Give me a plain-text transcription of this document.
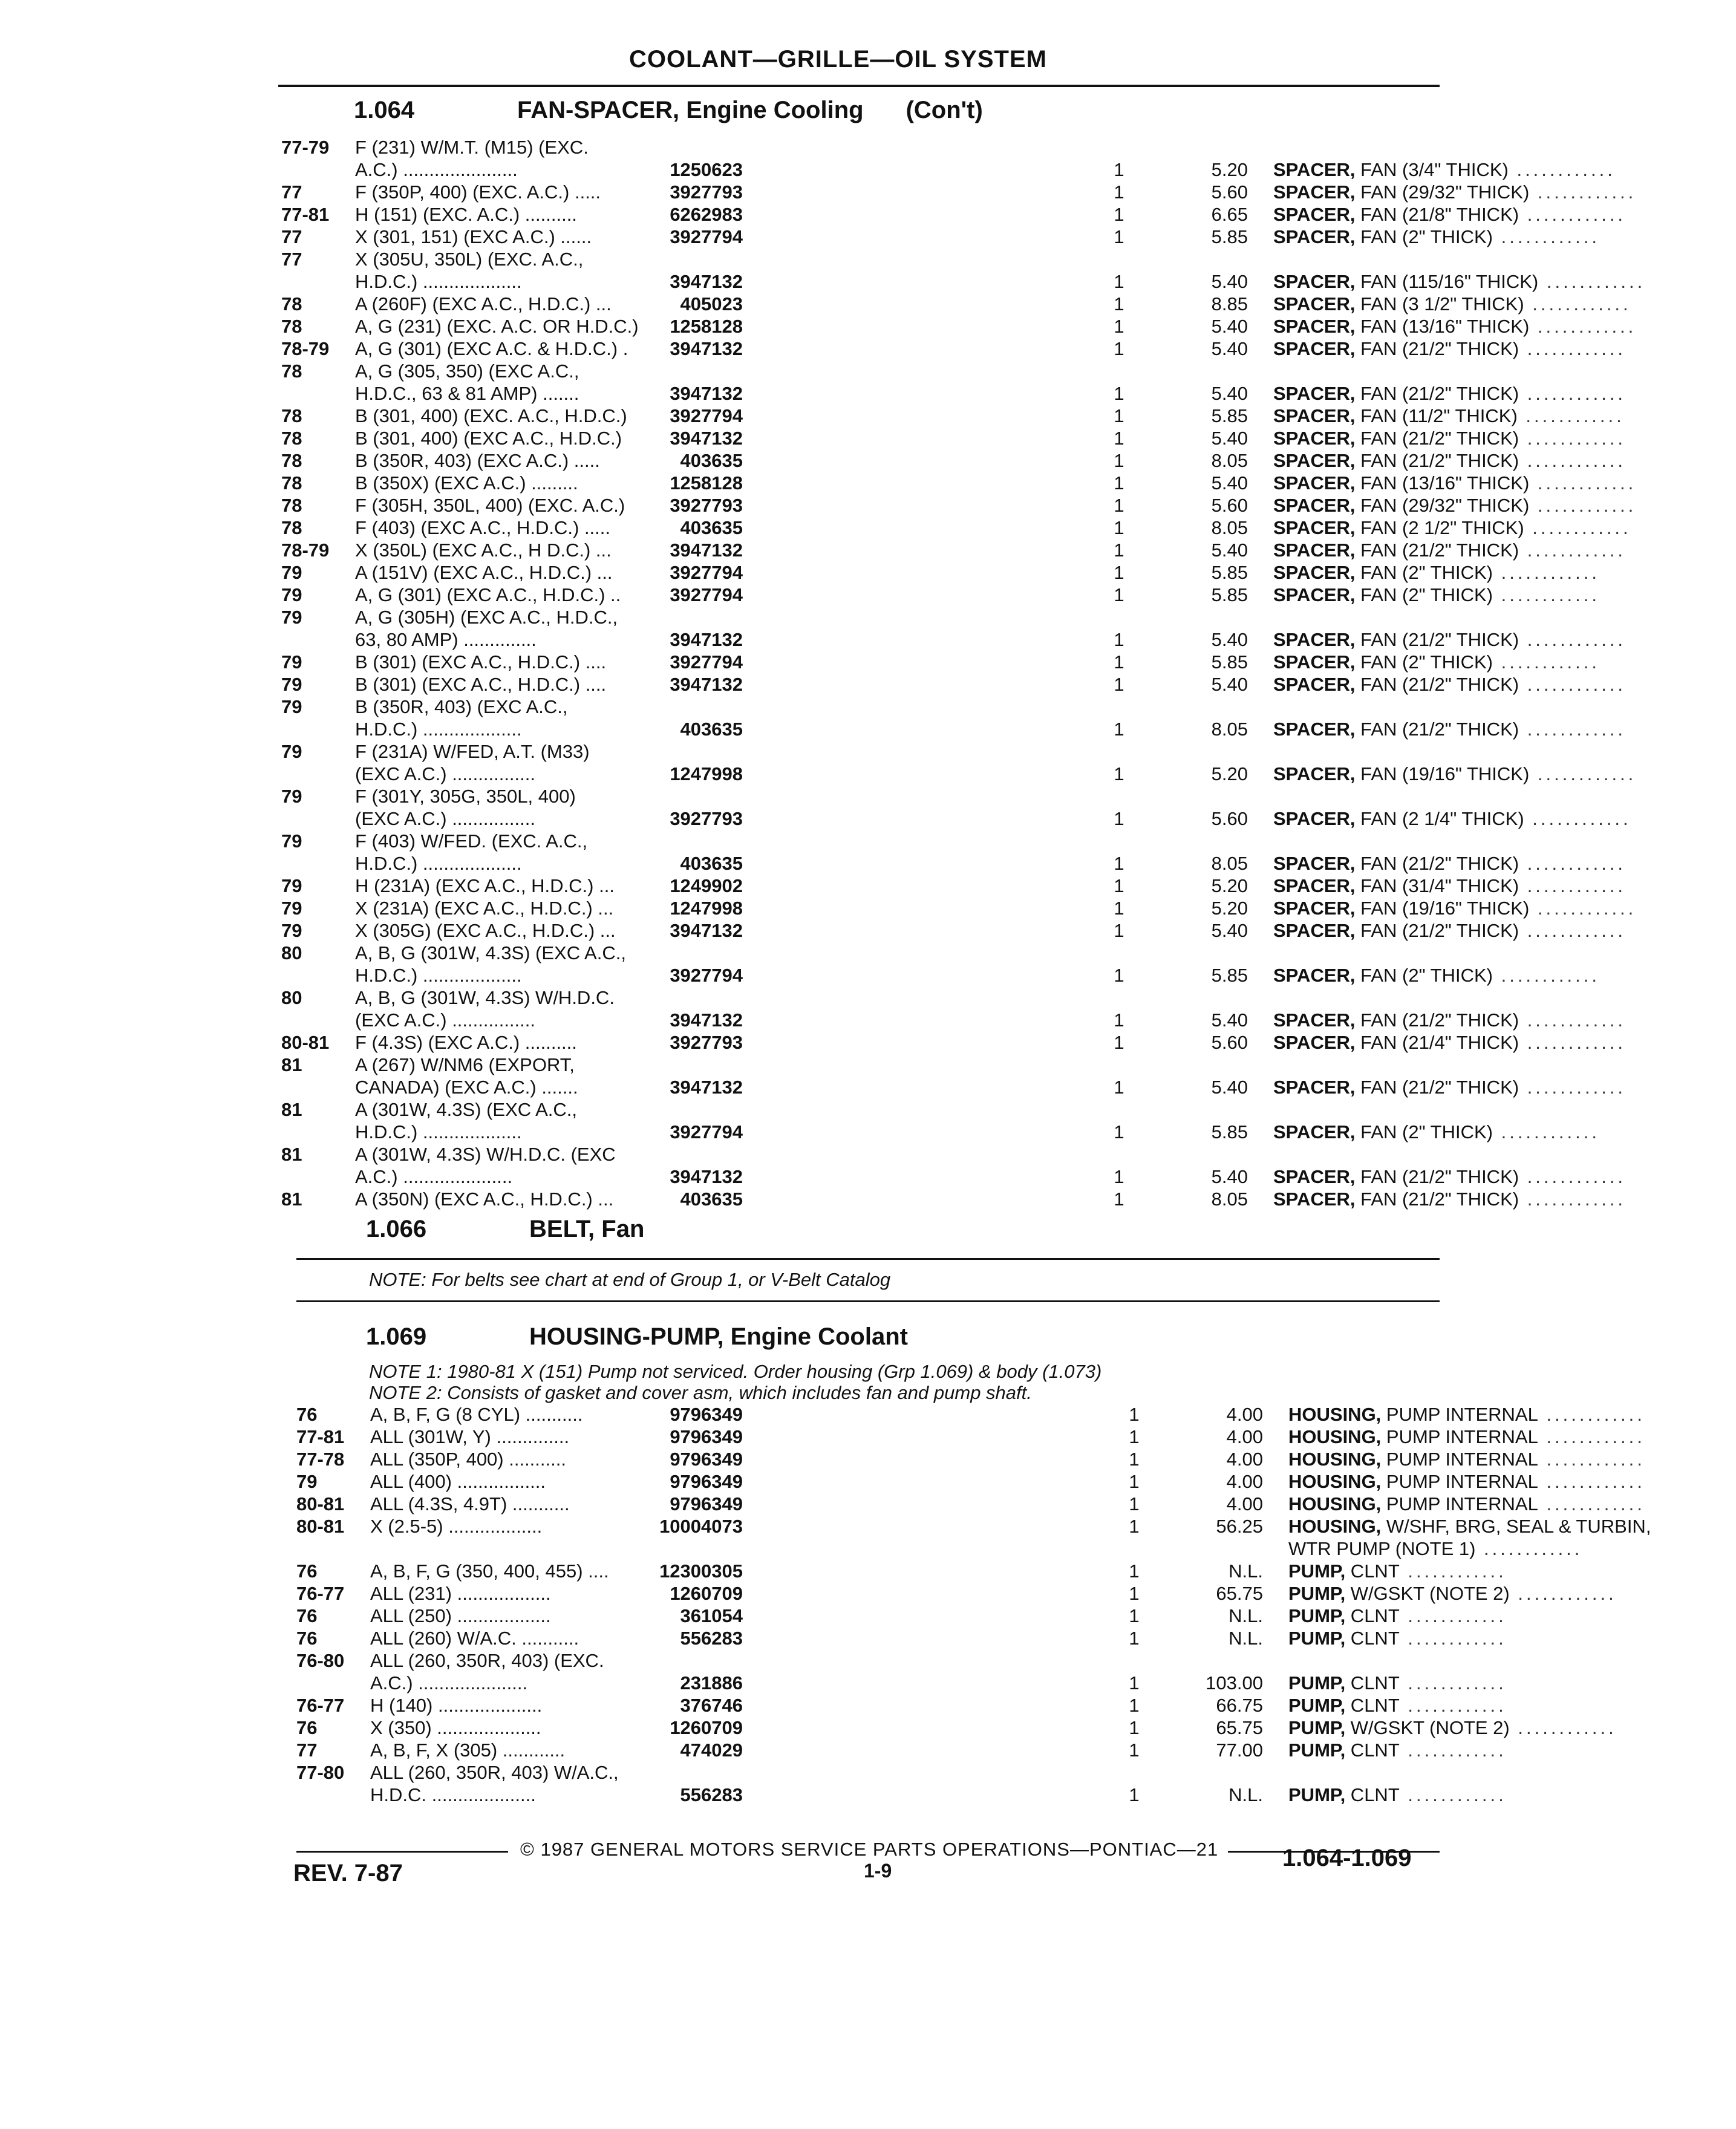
COOLANT—GRILLE—OIL SYSTEM
1.064	FAN-SPACER, Engine Cooling (Con't)
77-79	F (231) W/M.T. (M15) (EXC.
A.C.) ......................	1250623	1	5.20 SPACER, FAN (3/4" THICK) ............
77	F (350P, 400) (EXC. A.C.) .....	3927793	1	5.60 SPACER, FAN (29/32" THICK) ............
77-81	H (151) (EXC. A.C.) ..........	6262983	1	6.65 SPACER, FAN (21/8" THICK) ............
77	X (301, 151) (EXC A.C.) ......	3927794	1	5.85 SPACER, FAN (2" THICK) ............
77	X (305U, 350L) (EXC. A.C.,
H.D.C.) ...................	3947132	1	5.40 SPACER, FAN (115/16" THICK) ............
78	A (260F) (EXC A.C., H.D.C.) ...	405023	1	8.85 SPACER, FAN (3 1/2" THICK) ............
78	A, G (231) (EXC. A.C. OR H.D.C.)	1258128	1	5.40 SPACER, FAN (13/16" THICK) ............
78-79	A, G (301) (EXC A.C. & H.D.C.) .	3947132	1	5.40 SPACER, FAN (21/2" THICK) ............
78	A, G (305, 350) (EXC A.C.,
H.D.C., 63 & 81 AMP) .......	3947132	1	5.40 SPACER, FAN (21/2" THICK) ............
78	B (301, 400) (EXC. A.C., H.D.C.)	3927794	1	5.85 SPACER, FAN (11/2" THICK) ............
78	B (301, 400) (EXC A.C., H.D.C.)	3947132	1	5.40 SPACER, FAN (21/2" THICK) ............
78	B (350R, 403) (EXC A.C.) .....	403635	1	8.05 SPACER, FAN (21/2" THICK) ............
78	B (350X) (EXC A.C.) .........	1258128	1	5.40 SPACER, FAN (13/16" THICK) ............
78	F (305H, 350L, 400) (EXC. A.C.)	3927793	1	5.60 SPACER, FAN (29/32" THICK) ............
78	F (403) (EXC A.C., H.D.C.) .....	403635	1	8.05 SPACER, FAN (2 1/2" THICK) ............
78-79	X (350L) (EXC A.C., H D.C.) ...	3947132	1	5.40 SPACER, FAN (21/2" THICK) ............
79	A (151V) (EXC A.C., H.D.C.) ...	3927794	1	5.85 SPACER, FAN (2" THICK) ............
79	A, G (301) (EXC A.C., H.D.C.) ..	3927794	1	5.85 SPACER, FAN (2" THICK) ............
79	A, G (305H) (EXC A.C., H.D.C.,
63, 80 AMP) ..............	3947132	1	5.40 SPACER, FAN (21/2" THICK) ............
79	B (301) (EXC A.C., H.D.C.) ....	3927794	1	5.85 SPACER, FAN (2" THICK) ............
79	B (301) (EXC A.C., H.D.C.) ....	3947132	1	5.40 SPACER, FAN (21/2" THICK) ............
79	B (350R, 403) (EXC A.C.,
H.D.C.) ...................	403635	1	8.05 SPACER, FAN (21/2" THICK) ............
79	F (231A) W/FED, A.T. (M33)
(EXC A.C.) ................	1247998	1	5.20 SPACER, FAN (19/16" THICK) ............
79	F (301Y, 305G, 350L, 400)
(EXC A.C.) ................	3927793	1	5.60 SPACER, FAN (2 1/4" THICK) ............
79	F (403) W/FED. (EXC. A.C.,
H.D.C.) ...................	403635	1	8.05 SPACER, FAN (21/2" THICK) ............
79	H (231A) (EXC A.C., H.D.C.) ...	1249902	1	5.20 SPACER, FAN (31/4" THICK) ............
79	X (231A) (EXC A.C., H.D.C.) ...	1247998	1	5.20 SPACER, FAN (19/16" THICK) ............
79	X (305G) (EXC A.C., H.D.C.) ...	3947132	1	5.40 SPACER, FAN (21/2" THICK) ............
80	A, B, G (301W, 4.3S) (EXC A.C.,
H.D.C.) ...................	3927794	1	5.85 SPACER, FAN (2" THICK) ............
80	A, B, G (301W, 4.3S) W/H.D.C.
(EXC A.C.) ................	3947132	1	5.40 SPACER, FAN (21/2" THICK) ............
80-81	F (4.3S) (EXC A.C.) ..........	3927793	1	5.60 SPACER, FAN (21/4" THICK) ............
81	A (267) W/NM6 (EXPORT,
CANADA) (EXC A.C.) .......	3947132	1	5.40 SPACER, FAN (21/2" THICK) ............
81	A (301W, 4.3S) (EXC A.C.,
H.D.C.) ...................	3927794	1	5.85 SPACER, FAN (2" THICK) ............
81	A (301W, 4.3S) W/H.D.C. (EXC
A.C.) .....................	3947132	1	5.40 SPACER, FAN (21/2" THICK) ............
81	A (350N) (EXC A.C., H.D.C.) ...	403635	1	8.05 SPACER, FAN (21/2" THICK) ............
1.066	BELT, Fan
NOTE: For belts see chart at end of Group 1, or V-Belt Catalog
1.069	HOUSING-PUMP, Engine Coolant
NOTE 1: 1980-81 X (151) Pump not serviced. Order housing (Grp 1.069) & body (1.073)
NOTE 2: Consists of gasket and cover asm, which includes fan and pump shaft.
76	A, B, F, G (8 CYL) ...........	9796349	1	4.00 HOUSING, PUMP INTERNAL ............
77-81	ALL (301W, Y) ..............	9796349	1	4.00 HOUSING, PUMP INTERNAL ............
77-78	ALL (350P, 400) ...........	9796349	1	4.00 HOUSING, PUMP INTERNAL ............
79	ALL (400) .................	9796349	1	4.00 HOUSING, PUMP INTERNAL ............
80-81	ALL (4.3S, 4.9T) ...........	9796349	1	4.00 HOUSING, PUMP INTERNAL ............
80-81	X (2.5-5) ..................	10004073	1	56.25 HOUSING, W/SHF, BRG, SEAL & TURBIN,
WTR PUMP (NOTE 1) ............
76	A, B, F, G (350, 400, 455) ....	12300305	1	N.L. PUMP, CLNT ............
76-77	ALL (231) ..................	1260709	1	65.75 PUMP, W/GSKT (NOTE 2) ............
76	ALL (250) ..................	361054	1	N.L. PUMP, CLNT ............
76	ALL (260) W/A.C. ...........	556283	1	N.L. PUMP, CLNT ............
76-80	ALL (260, 350R, 403) (EXC.
A.C.) .....................	231886	1	103.00 PUMP, CLNT ............
76-77	H (140) ....................	376746	1	66.75 PUMP, CLNT ............
76	X (350) ....................	1260709	1	65.75 PUMP, W/GSKT (NOTE 2) ............
77	A, B, F, X (305) ............	474029	1	77.00 PUMP, CLNT ............
77-80	ALL (260, 350R, 403) W/A.C.,
H.D.C. ....................	556283	1	N.L. PUMP, CLNT ............
© 1987 GENERAL MOTORS SERVICE PARTS OPERATIONS—PONTIAC—21
REV. 7-87	1-9	1.064-1.069
